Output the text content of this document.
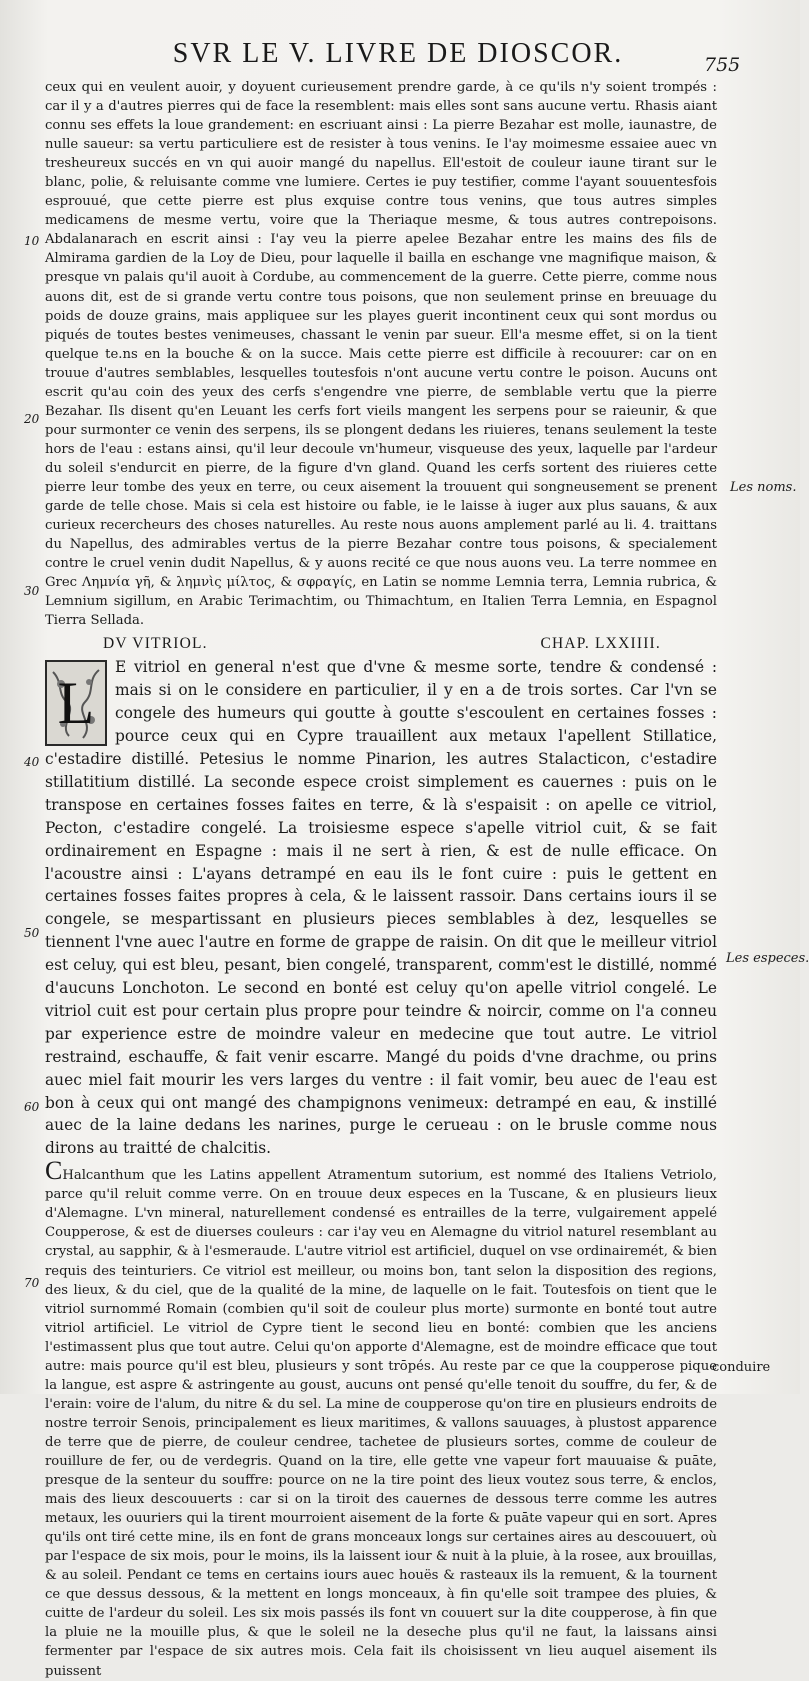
SVR LE V. LIVRE DE DIOSCOR.	755

ceux qui en veulent auoir, y doyuent curieusement prendre garde, à ce qu'ils n'y soient trompés : car il y a d'autres pierres qui de face la resemblent: mais elles sont sans aucune vertu. Rhasis aiant connu ses effets la loue grandement: en escriuant ainsi : La pierre Bezahar est molle, iaunastre, de nulle saueur: sa vertu particuliere est de resister à tous venins. Ie l'ay moimesme essaiee auec vn tresheureux succés en vn qui auoir mangé du napellus. Ell'estoit de couleur iaune tirant sur le blanc, polie, & reluisante comme vne lumiere. Certes ie puy testifier, comme l'ayant souuentesfois esprouué, que cette pierre est plus exquise contre tous venins, que tous autres simples medicamens de mesme vertu, voire que la Theriaque mesme, & tous autres contrepoisons. Abdalanarach en escrit ainsi : I'ay veu la pierre apelee Bezahar entre les mains des fils de Almirama gardien de la Loy de Dieu, pour laquelle il bailla en eschange vne magnifique maison, & presque vn palais qu'il auoit à Cordube, au commencement de la guerre. Cette pierre, comme nous auons dit, est de si grande vertu contre tous poisons, que non seulement prinse en breuuage du poids de douze grains, mais appliquee sur les playes guerit incontinent ceux qui sont mordus ou piqués de toutes bestes venimeuses, chassant le venin par sueur. Ell'a mesme effet, si on la tient quelque te.ns en la bouche & on la succe. Mais cette pierre est difficile à recouurer: car on en trouue d'autres semblables, lesquelles toutesfois n'ont aucune vertu contre le poison. Aucuns ont escrit qu'au coin des yeux des cerfs s'engendre vne pierre, de semblable vertu que la pierre Bezahar. Ils disent qu'en Leuant les cerfs fort vieils mangent les serpens pour se raieunir, & que pour surmonter ce venin des serpens, ils se plongent dedans les riuieres, tenans seulement la teste hors de l'eau : estans ainsi, qu'il leur decoule vn'humeur, visqueuse des yeux, laquelle par l'ardeur du soleil s'endurcit en pierre, de la figure d'vn gland. Quand les cerfs sortent des riuieres cette pierre leur tombe des yeux en terre, ou ceux aisement la trouuent qui songneusement se prenent garde de telle chose. Mais si cela est histoire ou fable, ie le laisse à iuger aux plus sauans, & aux curieux recercheurs des choses naturelles. Au reste nous auons amplement parlé au li. 4. traittans du Napellus, des admirables vertus de la pierre Bezahar contre tous poisons, & specialement contre le cruel venin dudit Napellus, & y auons recité ce que nous auons veu. La terre nommee en Grec Λημνία γῆ, & λημνὶς μίλτος, & σφραγίς, en Latin se nomme Lemnia terra, Lemnia rubrica, & Lemnium sigillum, en Arabic Terimachtim, ou Thimachtum, en Italien Terra Lemnia, en Espagnol Tierra Sellada.

DV VITRIOL.	CHAP. LXXIIII.

L
E vitriol en general n'est que d'vne & mesme sorte, tendre & condensé : mais si on le considere en particulier, il y en a de trois sortes. Car l'vn se congele des humeurs qui goutte à goutte s'escoulent en certaines fosses : pource ceux qui en Cypre trauaillent aux metaux l'apellent Stillatice, c'estadire distillé. Petesius le nomme Pinarion, les autres Stalacticon, c'estadire stillatitium distillé. La seconde espece croist simplement es cauernes : puis on le transpose en certaines fosses faites en terre, & là s'espaisit : on apelle ce vitriol, Pecton, c'estadire congelé. La troisiesme espece s'apelle vitriol cuit, & se fait ordinairement en Espagne : mais il ne sert à rien, & est de nulle efficace. On l'acoustre ainsi : L'ayans detrampé en eau ils le font cuire : puis le gettent en certaines fosses faites propres à cela, & le laissent rassoir. Dans certains iours il se congele, se mespartissant en plusieurs pieces semblables à dez, lesquelles se tiennent l'vne auec l'autre en forme de grappe de raisin. On dit que le meilleur vitriol est celuy, qui est bleu, pesant, bien congelé, transparent, comm'est le distillé, nommé d'aucuns Lonchoton. Le second en bonté est celuy qu'on apelle vitriol congelé. Le vitriol cuit est pour certain plus propre pour teindre & noircir, comme on l'a conneu par experience estre de moindre valeur en medecine que tout autre. Le vitriol restraind, eschauffe, & fait venir escarre. Mangé du poids d'vne drachme, ou prins auec miel fait mourir les vers larges du ventre : il fait vomir, beu auec de l'eau est bon à ceux qui ont mangé des champignons venimeux: detrampé en eau, & instillé auec de la laine dedans les narines, purge le cerueau : on le brusle comme nous dirons au traitté de chalcitis.

CHalcanthum que les Latins appellent Atramentum sutorium, est nommé des Italiens Vetriolo, parce qu'il reluit comme verre. On en trouue deux especes en la Tuscane, & en plusieurs lieux d'Alemagne. L'vn mineral, naturellement condensé es entrailles de la terre, vulgairement appelé Coupperose, & est de diuerses couleurs : car i'ay veu en Alemagne du vitriol naturel resemblant au crystal, au sapphir, & à l'esmeraude. L'autre vitriol est artificiel, duquel on vse ordinairemét, & bien requis des teinturiers. Ce vitriol est meilleur, ou moins bon, tant selon la disposition des regions, des lieux, & du ciel, que de la qualité de la mine, de laquelle on le fait. Toutesfois on tient que le vitriol surnommé Romain (combien qu'il soit de couleur plus morte) surmonte en bonté tout autre vitriol artificiel. Le vitriol de Cypre tient le second lieu en bonté: combien que les anciens l'estimassent plus que tout autre. Celui qu'on apporte d'Alemagne, est de moindre efficace que tout autre: mais pource qu'il est bleu, plusieurs y sont trōpés. Au reste par ce que la coupperose pique la langue, est aspre & astringente au goust, aucuns ont pensé qu'elle tenoit du souffre, du fer, & de l'erain: voire de l'alum, du nitre & du sel. La mine de coupperose qu'on tire en plusieurs endroits de nostre terroir Senois, principalement es lieux maritimes, & vallons sauuages, à plustost apparence de terre que de pierre, de couleur cendree, tachetee de plusieurs sortes, comme de couleur de rouillure de fer, ou de verdegris. Quand on la tire, elle gette vne vapeur fort mauuaise & puāte, presque de la senteur du souffre: pource on ne la tire point des lieux voutez sous terre, & enclos, mais des lieux descouuerts : car si on la tiroit des cauernes de dessous terre comme les autres metaux, les ouuriers qui la tirent mourroient aisement de la forte & puāte vapeur qui en sort. Apres qu'ils ont tiré cette mine, ils en font de grans monceaux longs sur certaines aires au descouuert, où par l'espace de six mois, pour le moins, ils la laissent iour & nuit à la pluie, à la rosee, aux brouillas, & au soleil. Pendant ce tems en certains iours auec houës & rasteaux ils la remuent, & la tournent ce que dessus dessous, & la mettent en longs monceaux, à fin qu'elle soit trampee des pluies, & cuitte de l'ardeur du soleil. Les six mois passés ils font vn couuert sur la dite coupperose, à fin que la pluie ne la mouille plus, & que le soleil ne la deseche plus qu'il ne faut, la laissans ainsi fermenter par l'espace de six autres mois. Cela fait ils choisissent vn lieu auquel aisement ils puissent

10
20
30
40
50
60
70
Les noms.
Les especes.
conduire
